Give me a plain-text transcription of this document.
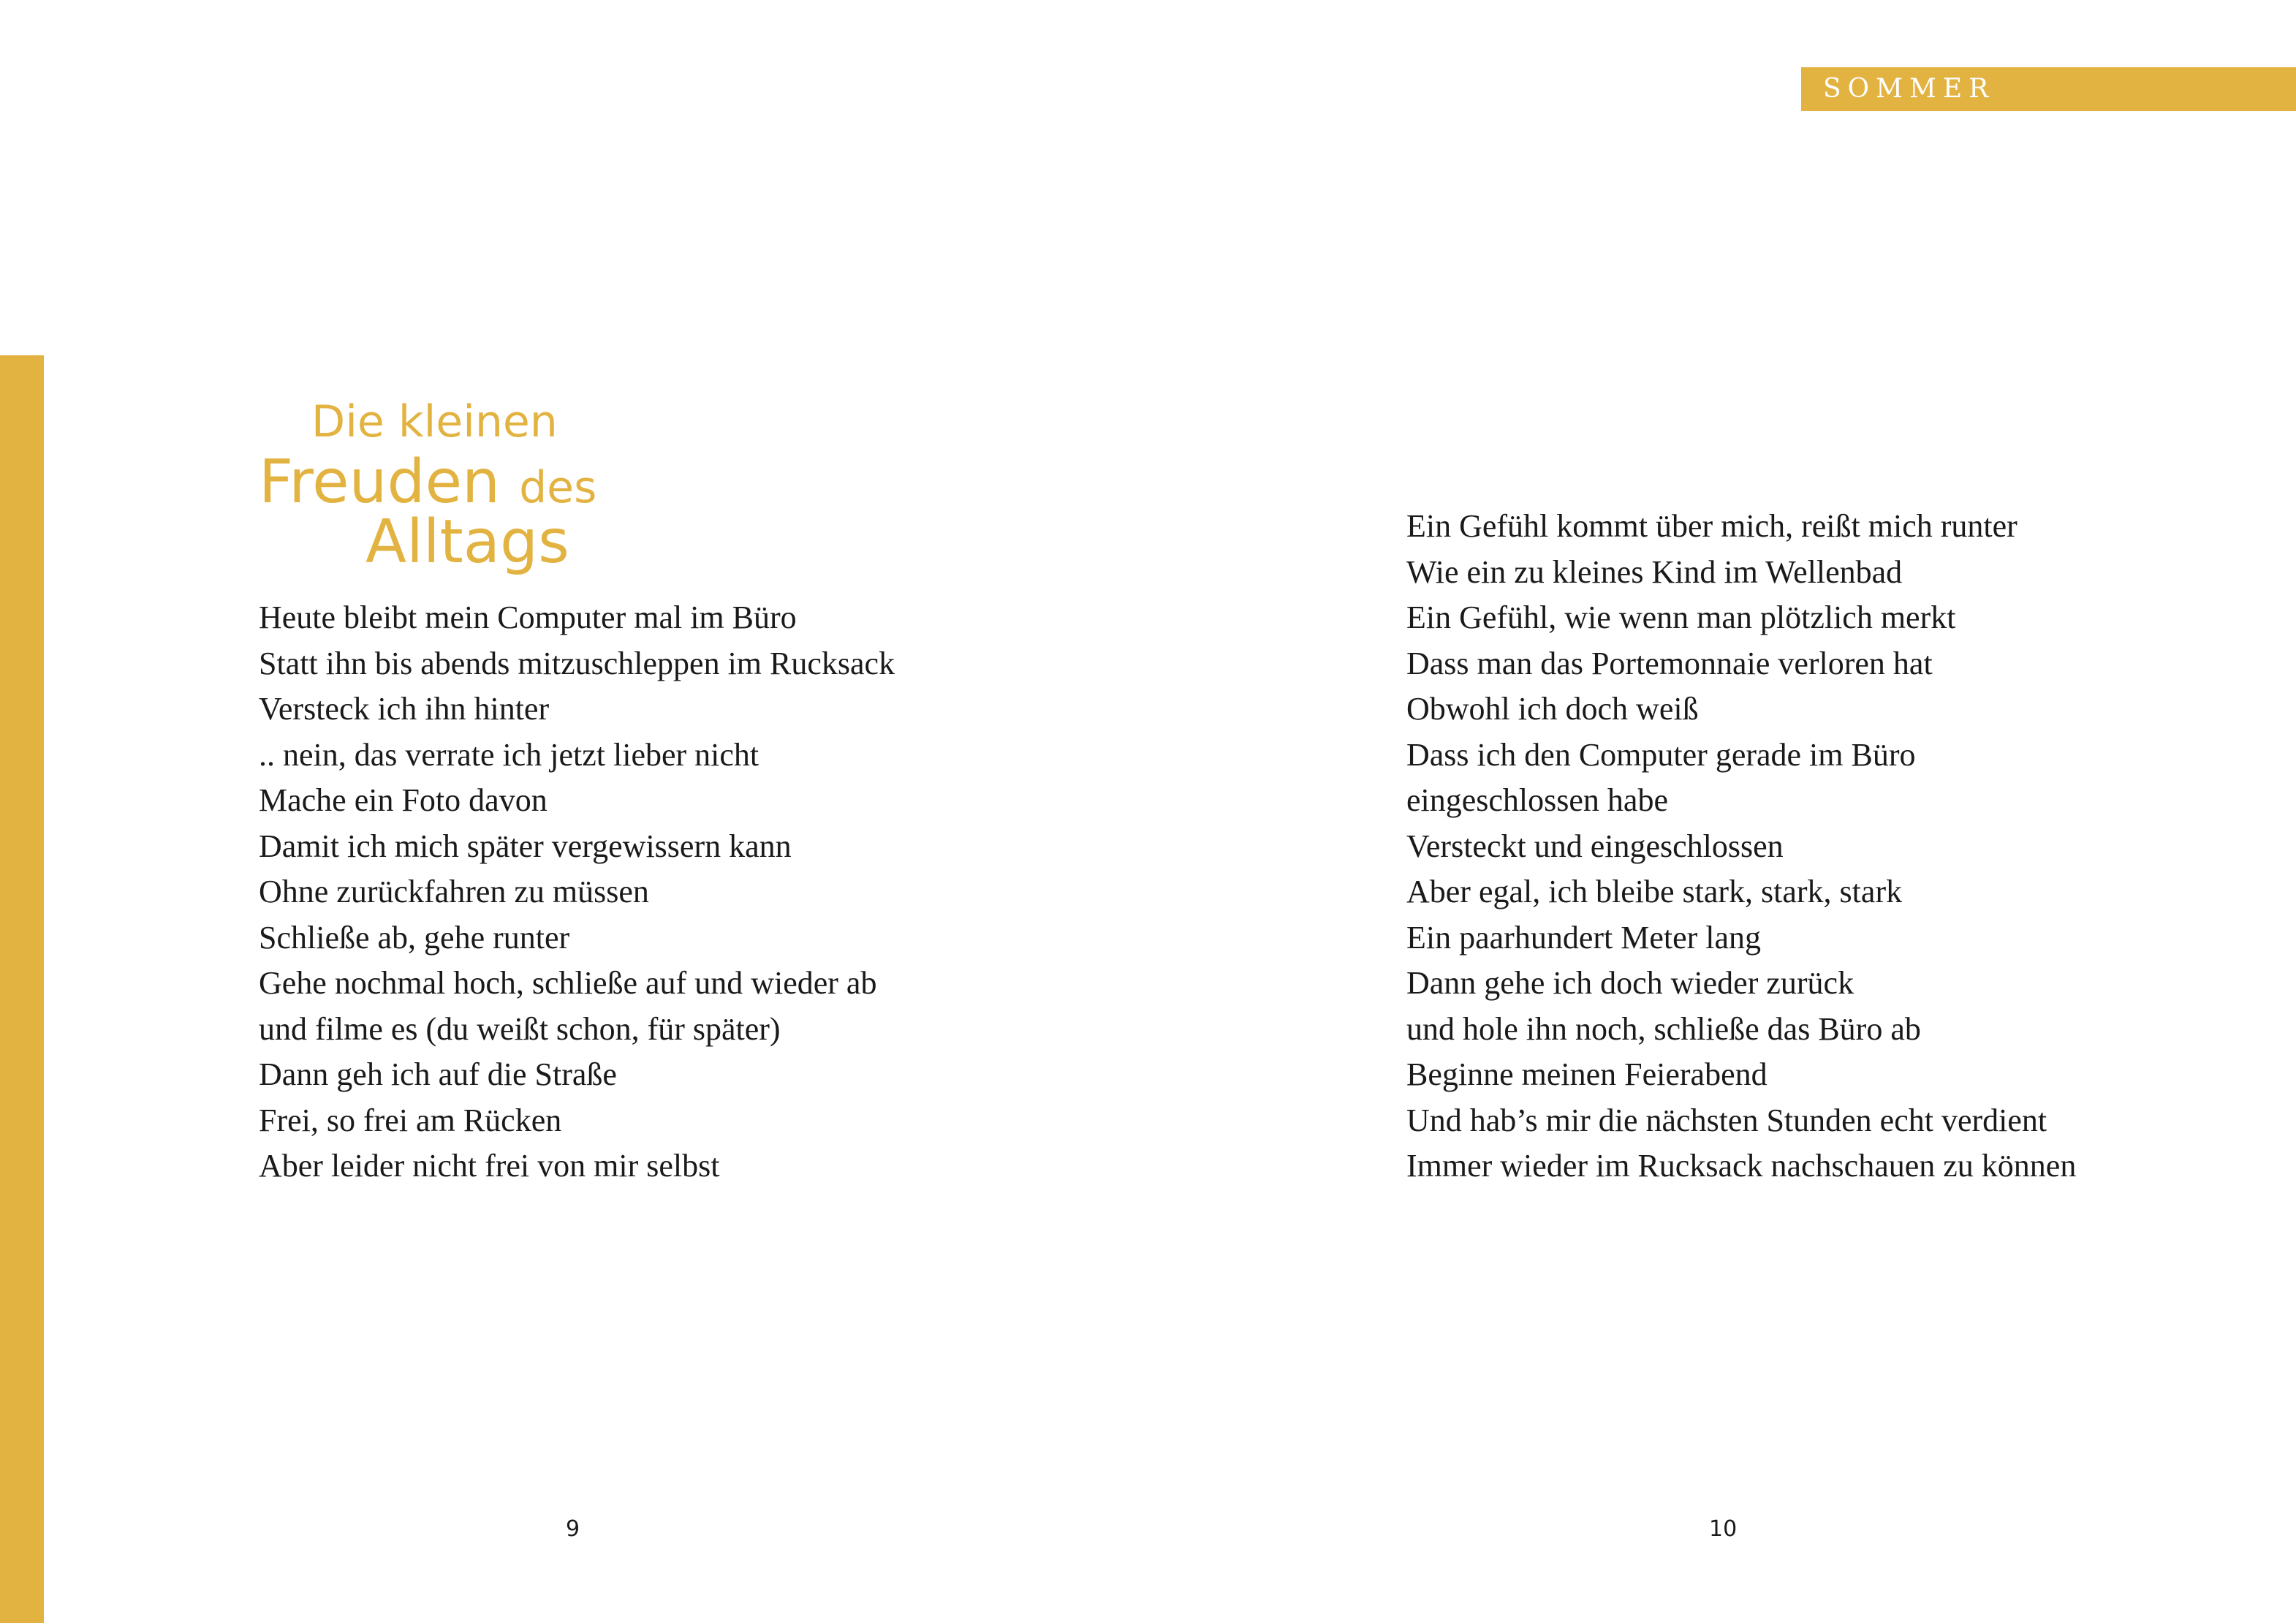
SOMMER
Die kleinen
Freuden des
Alltags
Heute bleibt mein Computer mal im Büro
Statt ihn bis abends mitzuschleppen im Rucksack
Versteck ich ihn hinter
.. nein, das verrate ich jetzt lieber nicht
Mache ein Foto davon
Damit ich mich später vergewissern kann
Ohne zurückfahren zu müssen
Schließe ab, gehe runter
Gehe nochmal hoch, schließe auf und wieder ab
und filme es (du weißt schon, für später)
Dann geh ich auf die Straße
Frei, so frei am Rücken
Aber leider nicht frei von mir selbst
Ein Gefühl kommt über mich, reißt mich runter
Wie ein zu kleines Kind im Wellenbad
Ein Gefühl, wie wenn man plötzlich merkt
Dass man das Portemonnaie verloren hat
Obwohl ich doch weiß
Dass ich den Computer gerade im Büro
eingeschlossen habe
Versteckt und eingeschlossen
Aber egal, ich bleibe stark, stark, stark
Ein paarhundert Meter lang
Dann gehe ich doch wieder zurück
und hole ihn noch, schließe das Büro ab
Beginne meinen Feierabend
Und hab’s mir die nächsten Stunden echt verdient
Immer wieder im Rucksack nachschauen zu können
9	10
